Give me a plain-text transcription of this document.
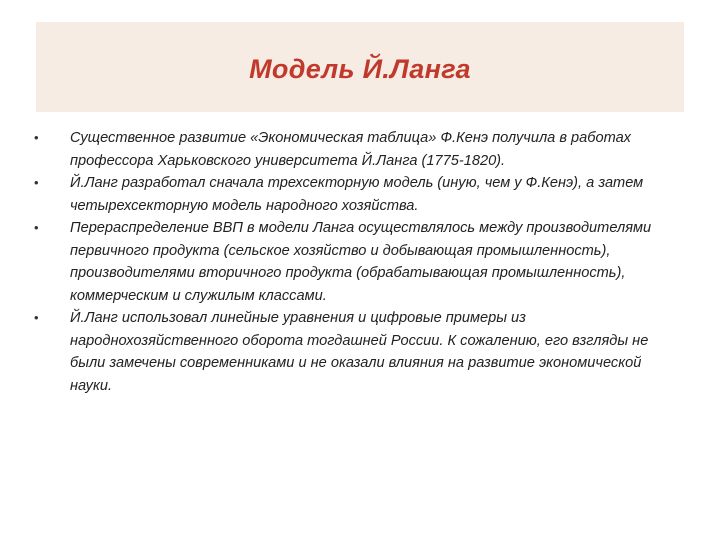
Модель Й.Ланга
•	Существенное развитие «Экономическая таблица» Ф.Кенэ получила в работах профессора Харьковского университета Й.Ланга (1775-1820).
•	Й.Ланг разработал сначала трехсекторную модель (иную, чем у Ф.Кенэ), а затем четырехсекторную модель народного хозяйства.
•	Перераспределение ВВП в модели Ланга осуществлялось между производителями первичного продукта (сельское хозяйство и добывающая промышленность), производителями вторичного продукта (обрабатывающая промышленность), коммерческим и служилым классами.
•	Й.Ланг использовал линейные уравнения и цифровые примеры из народнохозяйственного оборота тогдашней России. К сожалению, его взгляды не были замечены современниками и не оказали влияния на развитие экономической науки.
